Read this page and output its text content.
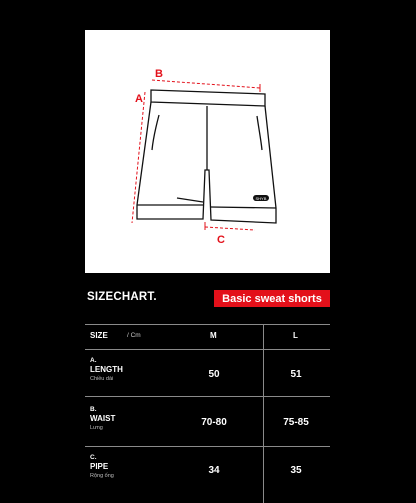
B
A
C
SHYB
SIZECHART.	Basic sweat shorts
SIZE	/ Cm	M	L
A.
LENGTH
Chiều dài	50	51
B.
WAIST
Lưng	70-80	75-85
C.
PIPE
Rộng ống	34	35
